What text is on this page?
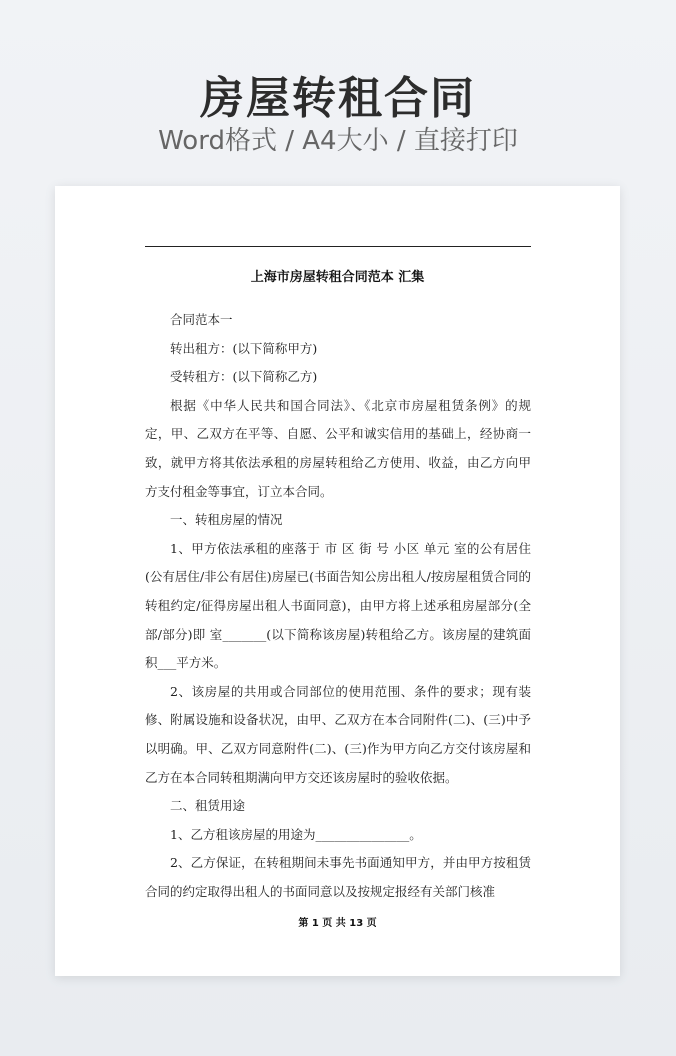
房屋转租合同
Word格式 / A4大小 / 直接打印
上海市房屋转租合同范本 汇集

合同范本一

转出租方：(以下简称甲方)

受转租方：(以下简称乙方)

根据《中华人民共和国合同法》、《北京市房屋租赁条例》的规定，甲、乙双方在平等、自愿、公平和诚实信用的基础上，经协商一致，就甲方将其依法承租的房屋转租给乙方使用、收益，由乙方向甲方支付租金等事宜，订立本合同。

一、转租房屋的情况

1、甲方依法承租的座落于 市 区 街 号 小区 单元 室的公有居住(公有居住/非公有居住)房屋已(书面告知公房出租人/按房屋租赁合同的转租约定/征得房屋出租人书面同意)，由甲方将上述承租房屋部分(全部/部分)即 室_______(以下简称该房屋)转租给乙方。该房屋的建筑面积___平方米。

2、该房屋的共用或合同部位的使用范围、条件的要求；现有装修、附属设施和设备状况，由甲、乙双方在本合同附件(二)、(三)中予以明确。甲、乙双方同意附件(二)、(三)作为甲方向乙方交付该房屋和乙方在本合同转租期满向甲方交还该房屋时的验收依据。

二、租赁用途

1、乙方租该房屋的用途为_______________。

2、乙方保证，在转租期间未事先书面通知甲方，并由甲方按租赁合同的约定取得出租人的书面同意以及按规定报经有关部门核准

第 1 页 共 13 页
